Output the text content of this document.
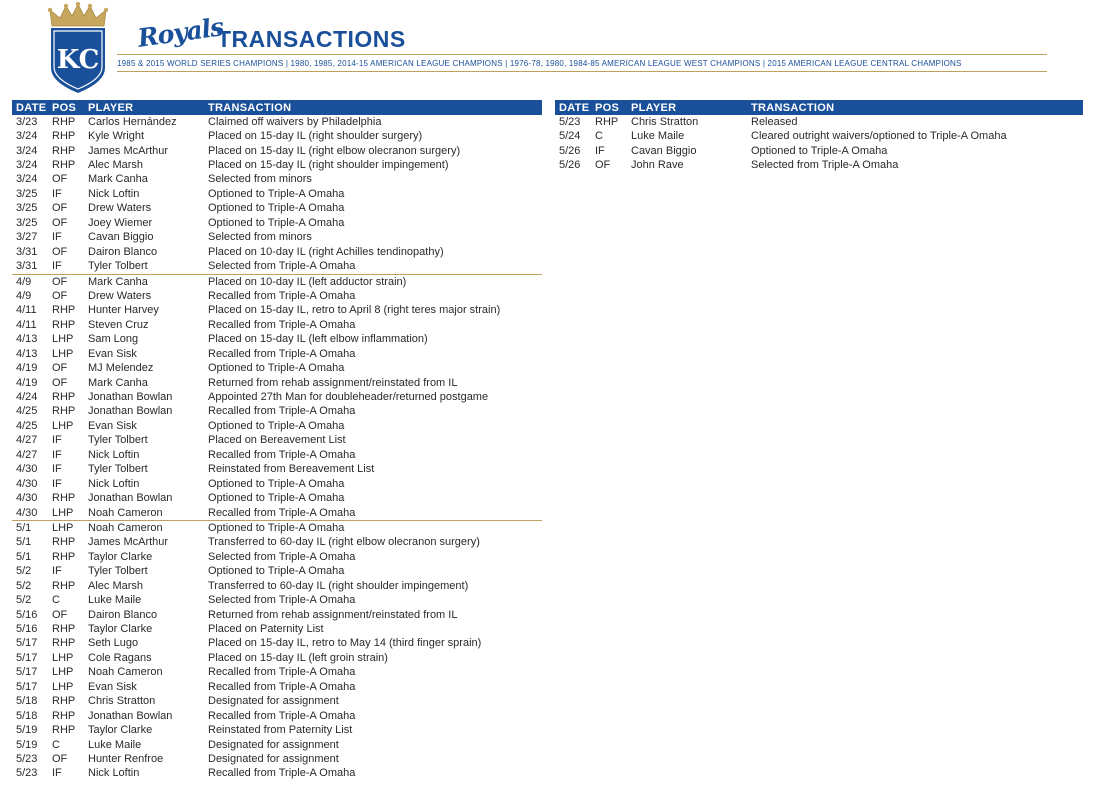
KC
Royals
TRANSACTIONS
1985 & 2015 WORLD SERIES CHAMPIONS | 1980, 1985, 2014-15 AMERICAN LEAGUE CHAMPIONS | 1976-78, 1980, 1984-85 AMERICAN LEAGUE WEST CHAMPIONS | 2015 AMERICAN LEAGUE CENTRAL CHAMPIONS
DATE	POS	PLAYER	TRANSACTION
3/23	RHP	Carlos Hernández	Claimed off waivers by Philadelphia
3/24	RHP	Kyle Wright	Placed on 15-day IL (right shoulder surgery)
3/24	RHP	James McArthur	Placed on 15-day IL (right elbow olecranon surgery)
3/24	RHP	Alec Marsh	Placed on 15-day IL (right shoulder impingement)
3/24	OF	Mark Canha	Selected from minors
3/25	IF	Nick Loftin	Optioned to Triple-A Omaha
3/25	OF	Drew Waters	Optioned to Triple-A Omaha
3/25	OF	Joey Wiemer	Optioned to Triple-A Omaha
3/27	IF	Cavan Biggio	Selected from minors
3/31	OF	Dairon Blanco	Placed on 10-day IL (right Achilles tendinopathy)
3/31	IF	Tyler Tolbert	Selected from Triple-A Omaha
4/9	OF	Mark Canha	Placed on 10-day IL (left adductor strain)
4/9	OF	Drew Waters	Recalled from Triple-A Omaha
4/11	RHP	Hunter Harvey	Placed on 15-day IL, retro to April 8 (right teres major strain)
4/11	RHP	Steven Cruz	Recalled from Triple-A Omaha
4/13	LHP	Sam Long	Placed on 15-day IL (left elbow inflammation)
4/13	LHP	Evan Sisk	Recalled from Triple-A Omaha
4/19	OF	MJ Melendez	Optioned to Triple-A Omaha
4/19	OF	Mark Canha	Returned from rehab assignment/reinstated from IL
4/24	RHP	Jonathan Bowlan	Appointed 27th Man for doubleheader/returned postgame
4/25	RHP	Jonathan Bowlan	Recalled from Triple-A Omaha
4/25	LHP	Evan Sisk	Optioned to Triple-A Omaha
4/27	IF	Tyler Tolbert	Placed on Bereavement List
4/27	IF	Nick Loftin	Recalled from Triple-A Omaha
4/30	IF	Tyler Tolbert	Reinstated from Bereavement List
4/30	IF	Nick Loftin	Optioned to Triple-A Omaha
4/30	RHP	Jonathan Bowlan	Optioned to Triple-A Omaha
4/30	LHP	Noah Cameron	Recalled from Triple-A Omaha
5/1	LHP	Noah Cameron	Optioned to Triple-A Omaha
5/1	RHP	James McArthur	Transferred to 60-day IL (right elbow olecranon surgery)
5/1	RHP	Taylor Clarke	Selected from Triple-A Omaha
5/2	IF	Tyler Tolbert	Optioned to Triple-A Omaha
5/2	RHP	Alec Marsh	Transferred to 60-day IL (right shoulder impingement)
5/2	C	Luke Maile	Selected from Triple-A Omaha
5/16	OF	Dairon Blanco	Returned from rehab assignment/reinstated from IL
5/16	RHP	Taylor Clarke	Placed on Paternity List
5/17	RHP	Seth Lugo	Placed on 15-day IL, retro to May 14 (third finger sprain)
5/17	LHP	Cole Ragans	Placed on 15-day IL (left groin strain)
5/17	LHP	Noah Cameron	Recalled from Triple-A Omaha
5/17	LHP	Evan Sisk	Recalled from Triple-A Omaha
5/18	RHP	Chris Stratton	Designated for assignment
5/18	RHP	Jonathan Bowlan	Recalled from Triple-A Omaha
5/19	RHP	Taylor Clarke	Reinstated from Paternity List
5/19	C	Luke Maile	Designated for assignment
5/23	OF	Hunter Renfroe	Designated for assignment
5/23	IF	Nick Loftin	Recalled from Triple-A Omaha
DATE	POS	PLAYER	TRANSACTION
5/23	RHP	Chris Stratton	Released
5/24	C	Luke Maile	Cleared outright waivers/optioned to Triple-A Omaha
5/26	IF	Cavan Biggio	Optioned to Triple-A Omaha
5/26	OF	John Rave	Selected from Triple-A Omaha
